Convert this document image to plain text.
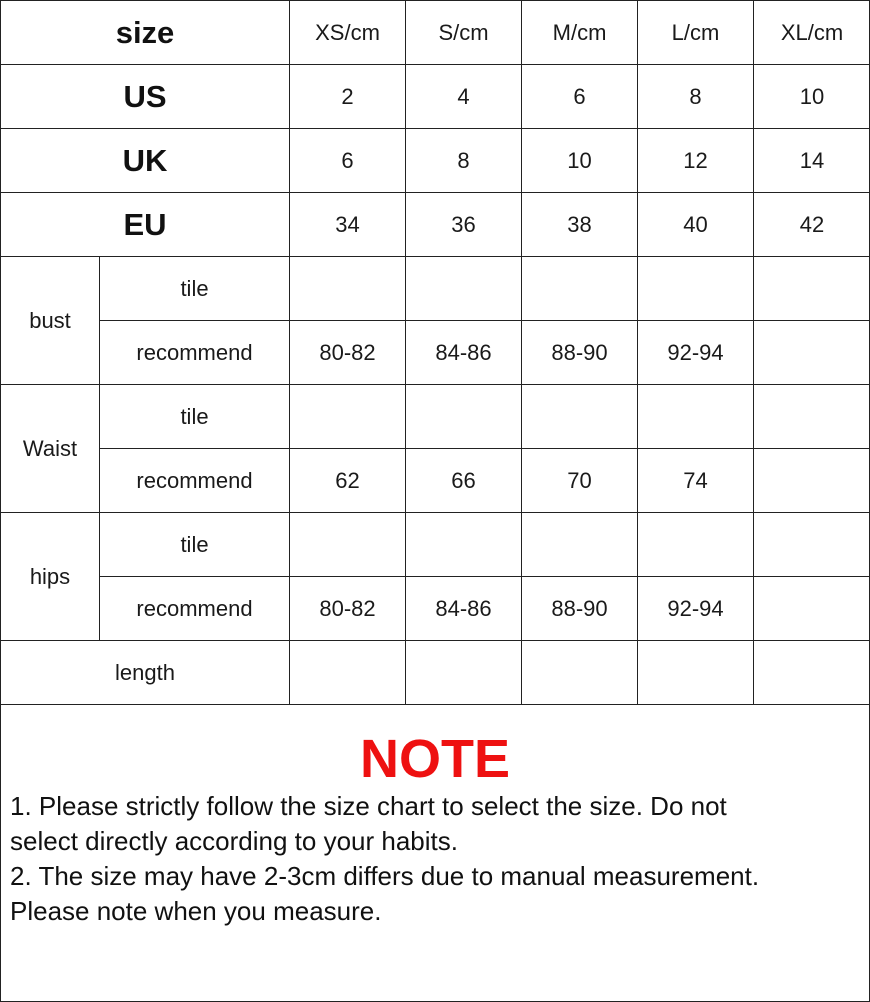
size		XS/cm	S/cm	M/cm	L/cm	XL/cm
US		2	4	6	8	10
UK		6	8	10	12	14
EU		34	36	38	40	42
bust	tile					
	recommend	80-82	84-86	88-90	92-94	
Waist	tile					
	recommend	62	66	70	74	
hips	tile					
	recommend	80-82	84-86	88-90	92-94	
length						
NOTE
1. Please strictly follow the size chart to select the size. Do not
select directly according to your habits.
2. The size may have 2-3cm differs due to manual measurement.
Please note when you measure.
